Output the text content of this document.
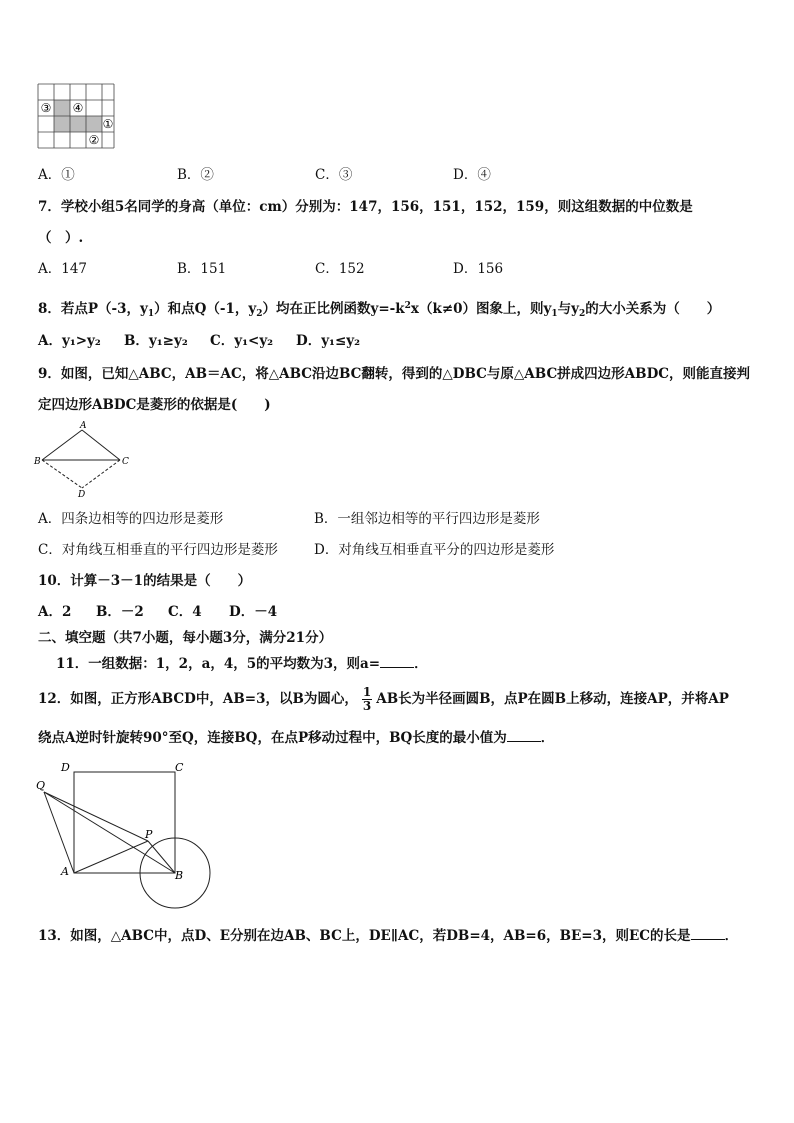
③ ④
①
②
A．①	B．②	C．③	D．④
7．学校小组5名同学的身高（单位：cm）分别为：147，156，151，152，159，则这组数据的中位数是
（　）.
A．147	B．151	C．152	D．156
8．若点P（-3，$y_1$）和点Q（-1，$y_2$）均在正比例函数$y=-k^2x(k\ne 0)$图象上，则$y_1$与$y_2$的大小关系为（　　）
A．y₁>y₂ B．y₁≥y₂ C．y₁<y₂ D．y₁≤y₂
9．如图，已知△ABC，AB＝AC，将△ABC沿边BC翻转，得到的△DBC与原△ABC拼成四边形ABDC，则能直接判
定四边形ABDC是菱形的依据是(　　)
A
B	C
D
A．四条边相等的四边形是菱形	B．一组邻边相等的平行四边形是菱形
C．对角线互相垂直的平行四边形是菱形	D．对角线互相垂直平分的四边形是菱形
10．计算－3－1的结果是（　　）
A．2 B．－2 C．4 D．－4
二、填空题（共7小题，每小题3分，满分21分）
11．一组数据：1，2，a，4，5的平均数为3，则a=	．
12．如图，正方形ABCD中，AB=3，以B为圆心， $\frac{1}{3}$ AB长为半径画圆B，点P在圆B上移动，连接AP，并将AP
绕点A逆时针旋转90°至Q，连接BQ，在点P移动过程中，BQ长度的最小值为	．
D	C
Q
P
A	B
13．如图，△ABC中，点D、E分别在边AB、BC上，DE∥AC，若DB=4，AB=6，BE=3，则EC的长是	．
